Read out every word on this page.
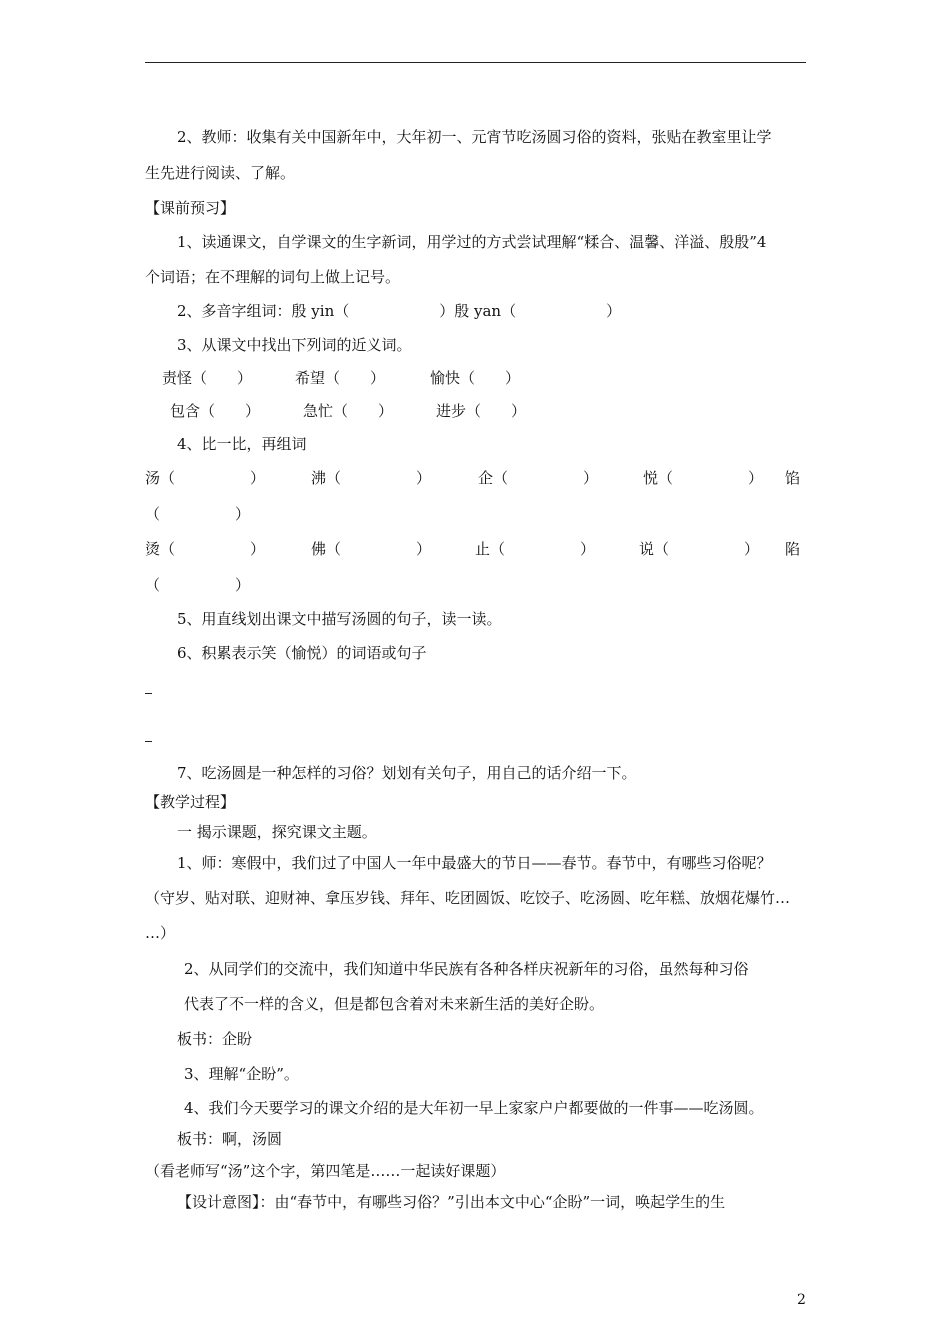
2、教师：收集有关中国新年中，大年初一、元宵节吃汤圆习俗的资料，张贴在教室里让学
生先进行阅读、了解。
【课前预习】
1、读通课文，自学课文的生字新词，用学过的方式尝试理解“糅合、温馨、洋溢、殷殷”4
个词语；在不理解的词句上做上记号。
2、多音字组词：殷 yin（　　　　　　）殷 yan（　　　　　　）
3、从课文中找出下列词的近义词。
责怪（　　）	希望（　　）	愉快（　　）
包含（　　）	急忙（　　）	进步（　　）
4、比一比，再组词
汤（　　　　　）	沸（　　　　　）	企（　　　　　）	悦（　　　　　） 馅
（　　　　　）
烫（　　　　　）	佛（　　　　　）	止（　　　　　）	说（　　　　　） 陷
（　　　　　）
5、用直线划出课文中描写汤圆的句子，读一读。
6、积累表示笑（愉悦）的词语或句子
7、吃汤圆是一种怎样的习俗？划划有关句子，用自己的话介绍一下。
【教学过程】
一 揭示课题，探究课文主题。
1、师：寒假中，我们过了中国人一年中最盛大的节日——春节。春节中，有哪些习俗呢？
（守岁、贴对联、迎财神、拿压岁钱、拜年、吃团圆饭、吃饺子、吃汤圆、吃年糕、放烟花爆竹…
…）
2、从同学们的交流中，我们知道中华民族有各种各样庆祝新年的习俗，虽然每种习俗
代表了不一样的含义，但是都包含着对未来新生活的美好企盼。
板书：企盼
3、理解“企盼”。
4、我们今天要学习的课文介绍的是大年初一早上家家户户都要做的一件事——吃汤圆。
板书：啊，汤圆
（看老师写“汤”这个字，第四笔是……一起读好课题）
【设计意图】：由“春节中，有哪些习俗？”引出本文中心“企盼”一词，唤起学生的生
2
